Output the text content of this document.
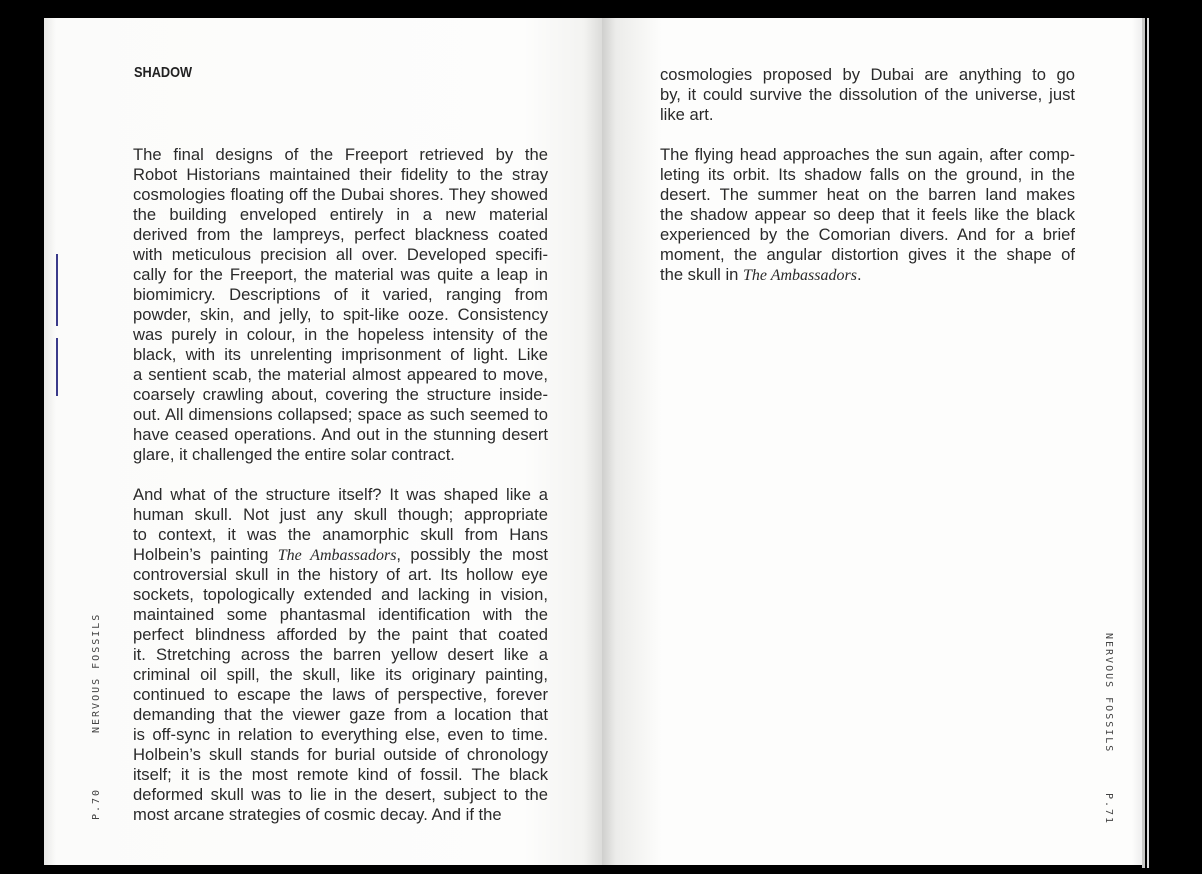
SHADOW
The final designs of the Freeport retrieved by the
Robot Historians maintained their fidelity to the stray
cosmologies floating off the Dubai shores. They showed
the building enveloped entirely in a new material
derived from the lampreys, perfect blackness coated
with meticulous precision all over. Developed specifi-
cally for the Freeport, the material was quite a leap in
biomimicry. Descriptions of it varied, ranging from
powder, skin, and jelly, to spit-like ooze. Consistency
was purely in colour, in the hopeless intensity of the
black, with its unrelenting imprisonment of light. Like
a sentient scab, the material almost appeared to move,
coarsely crawling about, covering the structure inside-
out. All dimensions collapsed; space as such seemed to
have ceased operations. And out in the stunning desert
glare, it challenged the entire solar contract.
And what of the structure itself? It was shaped like a
human skull. Not just any skull though; appropriate
to context, it was the anamorphic skull from Hans
Holbein’s painting The Ambassadors, possibly the most
controversial skull in the history of art. Its hollow eye
sockets, topologically extended and lacking in vision,
maintained some phantasmal identification with the
perfect blindness afforded by the paint that coated
it. Stretching across the barren yellow desert like a
criminal oil spill, the skull, like its originary painting,
continued to escape the laws of perspective, forever
demanding that the viewer gaze from a location that
is off-sync in relation to everything else, even to time.
Holbein’s skull stands for burial outside of chronology
itself; it is the most remote kind of fossil. The black
deformed skull was to lie in the desert, subject to the
most arcane strategies of cosmic decay. And if the
cosmologies proposed by Dubai are anything to go
by, it could survive the dissolution of the universe, just
like art.
The flying head approaches the sun again, after comp-
leting its orbit. Its shadow falls on the ground, in the
desert. The summer heat on the barren land makes
the shadow appear so deep that it feels like the black
experienced by the Comorian divers. And for a brief
moment, the angular distortion gives it the shape of
the skull in The Ambassadors.
NERVOUS FOSSILS
P.70
NERVOUS FOSSILS
P.71
